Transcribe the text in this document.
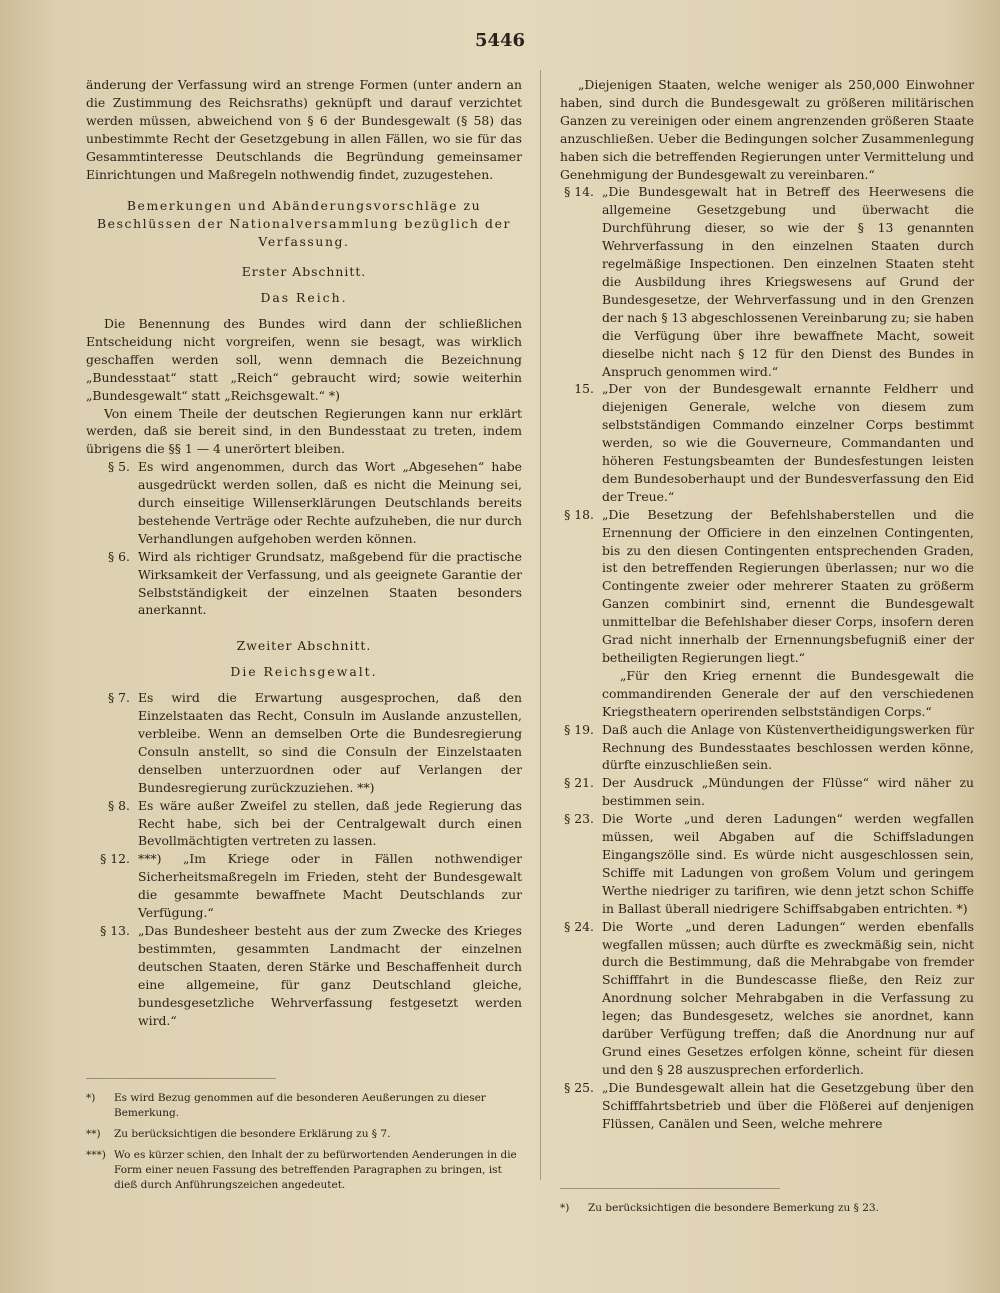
5446

änderung der Verfassung wird an strenge Formen (unter andern an die Zustimmung des Reichsraths) geknüpft und darauf verzichtet werden müssen, abweichend von § 6 der Bundesgewalt (§ 58) das unbestimmte Recht der Gesetzgebung in allen Fällen, wo sie für das Gesammtinteresse Deutschlands die Begründung gemeinsamer Einrichtungen und Maßregeln nothwendig findet, zuzugestehen.

Bemerkungen und Abänderungsvorschläge zu Beschlüssen der Nationalversammlung bezüglich der Verfassung.

Erster Abschnitt.

Das Reich.

Die Benennung des Bundes wird dann der schließlichen Entscheidung nicht vorgreifen, wenn sie besagt, was wirklich geschaffen werden soll, wenn demnach die Bezeichnung „Bundesstaat“ statt „Reich“ gebraucht wird; sowie weiterhin „Bundesgewalt“ statt „Reichsgewalt.“ *)

Von einem Theile der deutschen Regierungen kann nur erklärt werden, daß sie bereit sind, in den Bundesstaat zu treten, indem übrigens die §§ 1 — 4 unerörtert bleiben.

§ 5. Es wird angenommen, durch das Wort „Abgesehen“ habe ausgedrückt werden sollen, daß es nicht die Meinung sei, durch einseitige Willenserklärungen Deutschlands bereits bestehende Verträge oder Rechte aufzuheben, die nur durch Verhandlungen aufgehoben werden können.
§ 6. Wird als richtiger Grundsatz, maßgebend für die practische Wirksamkeit der Verfassung, und als geeignete Garantie der Selbstständigkeit der einzelnen Staaten besonders anerkannt.

Zweiter Abschnitt.

Die Reichsgewalt.

§ 7. Es wird die Erwartung ausgesprochen, daß den Einzelstaaten das Recht, Consuln im Auslande anzustellen, verbleibe. Wenn an demselben Orte die Bundesregierung Consuln anstellt, so sind die Consuln der Einzelstaaten denselben unterzuordnen oder auf Verlangen der Bundesregierung zurückzuziehen. **)
§ 8. Es wäre außer Zweifel zu stellen, daß jede Regierung das Recht habe, sich bei der Centralgewalt durch einen Bevollmächtigten vertreten zu lassen.
§ 12. ***) „Im Kriege oder in Fällen nothwendiger Sicherheitsmaßregeln im Frieden, steht der Bundesgewalt die gesammte bewaffnete Macht Deutschlands zur Verfügung.“
§ 13. „Das Bundesheer besteht aus der zum Zwecke des Krieges bestimmten, gesammten Landmacht der einzelnen deutschen Staaten, deren Stärke und Beschaffenheit durch eine allgemeine, für ganz Deutschland gleiche, bundesgesetzliche Wehrverfassung festgesetzt werden wird.“

„Diejenigen Staaten, welche weniger als 250,000 Einwohner haben, sind durch die Bundesgewalt zu größeren militärischen Ganzen zu vereinigen oder einem angrenzenden größeren Staate anzuschließen. Ueber die Bedingungen solcher Zusammenlegung haben sich die betreffenden Regierungen unter Vermittelung und Genehmigung der Bundesgewalt zu vereinbaren.“

§ 14. „Die Bundesgewalt hat in Betreff des Heerwesens die allgemeine Gesetzgebung und überwacht die Durchführung dieser, so wie der § 13 genannten Wehrverfassung in den einzelnen Staaten durch regelmäßige Inspectionen. Den einzelnen Staaten steht die Ausbildung ihres Kriegswesens auf Grund der Bundesgesetze, der Wehrverfassung und in den Grenzen der nach § 13 abgeschlossenen Vereinbarung zu; sie haben die Verfügung über ihre bewaffnete Macht, soweit dieselbe nicht nach § 12 für den Dienst des Bundes in Anspruch genommen wird.“
15. „Der von der Bundesgewalt ernannte Feldherr und diejenigen Generale, welche von diesem zum selbstständigen Commando einzelner Corps bestimmt werden, so wie die Gouverneure, Commandanten und höheren Festungsbeamten der Bundesfestungen leisten dem Bundesoberhaupt und der Bundesverfassung den Eid der Treue.“
§ 18. „Die Besetzung der Befehlshaberstellen und die Ernennung der Officiere in den einzelnen Contingenten, bis zu den diesen Contingenten entsprechenden Graden, ist den betreffenden Regierungen überlassen; nur wo die Contingente zweier oder mehrerer Staaten zu größerm Ganzen combinirt sind, ernennt die Bundesgewalt unmittelbar die Befehlshaber dieser Corps, insofern deren Grad nicht innerhalb der Ernennungsbefugniß einer der betheiligten Regierungen liegt.“

„Für den Krieg ernennt die Bundesgewalt die commandirenden Generale der auf den verschiedenen Kriegstheatern operirenden selbstständigen Corps.“

§ 19. Daß auch die Anlage von Küstenvertheidigungswerken für Rechnung des Bundesstaates beschlossen werden könne, dürfte einzuschließen sein.
§ 21. Der Ausdruck „Mündungen der Flüsse“ wird näher zu bestimmen sein.
§ 23. Die Worte „und deren Ladungen“ werden wegfallen müssen, weil Abgaben auf die Schiffsladungen Eingangszölle sind. Es würde nicht ausgeschlossen sein, Schiffe mit Ladungen von großem Volum und geringem Werthe niedriger zu tarifiren, wie denn jetzt schon Schiffe in Ballast überall niedrigere Schiffsabgaben entrichten. *)
§ 24. Die Worte „und deren Ladungen“ werden ebenfalls wegfallen müssen; auch dürfte es zweckmäßig sein, nicht durch die Bestimmung, daß die Mehrabgabe von fremder Schifffahrt in die Bundescasse fließe, den Reiz zur Anordnung solcher Mehrabgaben in die Verfassung zu legen; das Bundesgesetz, welches sie anordnet, kann darüber Verfügung treffen; daß die Anordnung nur auf Grund eines Gesetzes erfolgen könne, scheint für diesen und den § 28 auszusprechen erforderlich.
§ 25. „Die Bundesgewalt allein hat die Gesetzgebung über den Schifffahrtsbetrieb und über die Flößerei auf denjenigen Flüssen, Canälen und Seen, welche mehrere
*)	Es wird Bezug genommen auf die besonderen Aeußerungen zu dieser Bemerkung.
**)	Zu berücksichtigen die besondere Erklärung zu § 7.
***) Wo es kürzer schien, den Inhalt der zu befürwortenden Aenderungen in die Form einer neuen Fassung des betreffenden Paragraphen zu bringen, ist dieß durch Anführungszeichen angedeutet.
*)	Zu berücksichtigen die besondere Bemerkung zu § 23.
